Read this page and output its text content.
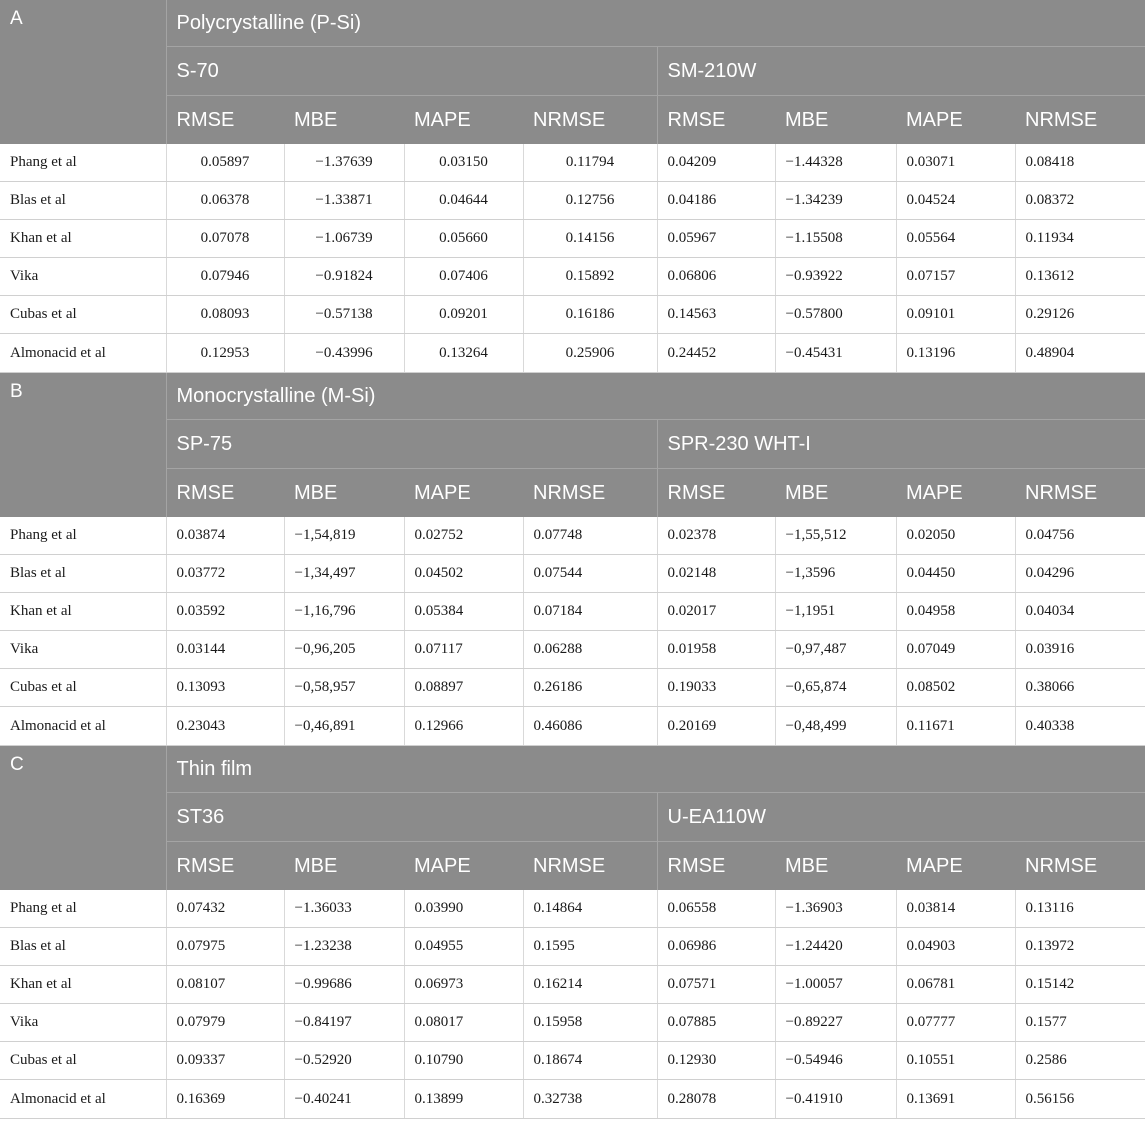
A	Polycrystalline (P-Si)							
	S-70				SM-210W			
	RMSE	MBE	MAPE	NRMSE	RMSE	MBE	MAPE	NRMSE
Phang et al	0.05897	−1.37639	0.03150	0.11794	0.04209	−1.44328	0.03071	0.08418
Blas et al	0.06378	−1.33871	0.04644	0.12756	0.04186	−1.34239	0.04524	0.08372
Khan et al	0.07078	−1.06739	0.05660	0.14156	0.05967	−1.15508	0.05564	0.11934
Vika	0.07946	−0.91824	0.07406	0.15892	0.06806	−0.93922	0.07157	0.13612
Cubas et al	0.08093	−0.57138	0.09201	0.16186	0.14563	−0.57800	0.09101	0.29126
Almonacid et al	0.12953	−0.43996	0.13264	0.25906	0.24452	−0.45431	0.13196	0.48904
B	Monocrystalline (M-Si)							
	SP-75				SPR-230 WHT-I			
	RMSE	MBE	MAPE	NRMSE	RMSE	MBE	MAPE	NRMSE
Phang et al	0.03874	−1,54,819	0.02752	0.07748	0.02378	−1,55,512	0.02050	0.04756
Blas et al	0.03772	−1,34,497	0.04502	0.07544	0.02148	−1,3596	0.04450	0.04296
Khan et al	0.03592	−1,16,796	0.05384	0.07184	0.02017	−1,1951	0.04958	0.04034
Vika	0.03144	−0,96,205	0.07117	0.06288	0.01958	−0,97,487	0.07049	0.03916
Cubas et al	0.13093	−0,58,957	0.08897	0.26186	0.19033	−0,65,874	0.08502	0.38066
Almonacid et al	0.23043	−0,46,891	0.12966	0.46086	0.20169	−0,48,499	0.11671	0.40338
C	Thin film							
	ST36				U-EA110W			
	RMSE	MBE	MAPE	NRMSE	RMSE	MBE	MAPE	NRMSE
Phang et al	0.07432	−1.36033	0.03990	0.14864	0.06558	−1.36903	0.03814	0.13116
Blas et al	0.07975	−1.23238	0.04955	0.1595	0.06986	−1.24420	0.04903	0.13972
Khan et al	0.08107	−0.99686	0.06973	0.16214	0.07571	−1.00057	0.06781	0.15142
Vika	0.07979	−0.84197	0.08017	0.15958	0.07885	−0.89227	0.07777	0.1577
Cubas et al	0.09337	−0.52920	0.10790	0.18674	0.12930	−0.54946	0.10551	0.2586
Almonacid et al	0.16369	−0.40241	0.13899	0.32738	0.28078	−0.41910	0.13691	0.56156
